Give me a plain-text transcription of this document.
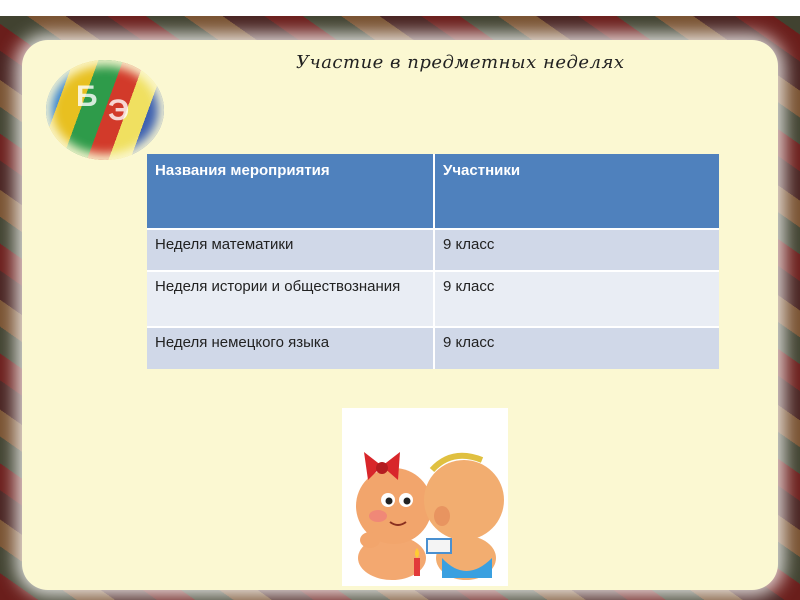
Б Э
Участие в предметных неделях
Названия мероприятия	Участники
Неделя математики	9 класс
Неделя истории и обществознания	9 класс
Неделя немецкого языка	9 класс
